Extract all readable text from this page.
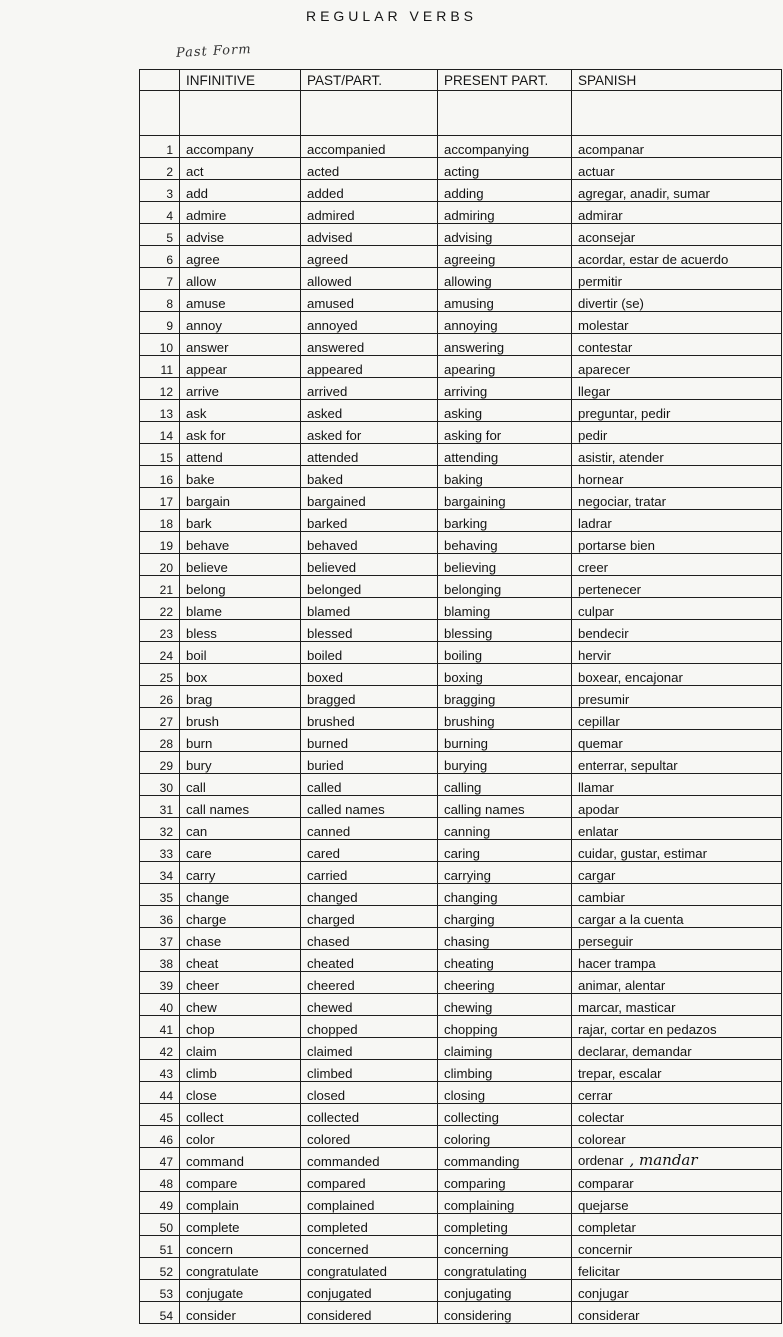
REGULAR VERBS
Past Form
	INFINITIVE	PAST/PART.	PRESENT PART.	SPANISH

1	accompany	accompanied	accompanying	acompanar
2	act	acted	acting	actuar
3	add	added	adding	agregar, anadir, sumar
4	admire	admired	admiring	admirar
5	advise	advised	advising	aconsejar
6	agree	agreed	agreeing	acordar, estar de acuerdo
7	allow	allowed	allowing	permitir
8	amuse	amused	amusing	divertir (se)
9	annoy	annoyed	annoying	molestar
10	answer	answered	answering	contestar
11	appear	appeared	apearing	aparecer
12	arrive	arrived	arriving	llegar
13	ask	asked	asking	preguntar, pedir
14	ask for	asked for	asking for	pedir
15	attend	attended	attending	asistir, atender
16	bake	baked	baking	hornear
17	bargain	bargained	bargaining	negociar, tratar
18	bark	barked	barking	ladrar
19	behave	behaved	behaving	portarse bien
20	believe	believed	believing	creer
21	belong	belonged	belonging	pertenecer
22	blame	blamed	blaming	culpar
23	bless	blessed	blessing	bendecir
24	boil	boiled	boiling	hervir
25	box	boxed	boxing	boxear, encajonar
26	brag	bragged	bragging	presumir
27	brush	brushed	brushing	cepillar
28	burn	burned	burning	quemar
29	bury	buried	burying	enterrar, sepultar
30	call	called	calling	llamar
31	call names	called names	calling names	apodar
32	can	canned	canning	enlatar
33	care	cared	caring	cuidar, gustar, estimar
34	carry	carried	carrying	cargar
35	change	changed	changing	cambiar
36	charge	charged	charging	cargar a la cuenta
37	chase	chased	chasing	perseguir
38	cheat	cheated	cheating	hacer trampa
39	cheer	cheered	cheering	animar, alentar
40	chew	chewed	chewing	marcar, masticar
41	chop	chopped	chopping	rajar, cortar en pedazos
42	claim	claimed	claiming	declarar, demandar
43	climb	climbed	climbing	trepar, escalar
44	close	closed	closing	cerrar
45	collect	collected	collecting	colectar
46	color	colored	coloring	colorear
47	command	commanded	commanding	ordenar , mandar
48	compare	compared	comparing	comparar
49	complain	complained	complaining	quejarse
50	complete	completed	completing	completar
51	concern	concerned	concerning	concernir
52	congratulate	congratulated	congratulating	felicitar
53	conjugate	conjugated	conjugating	conjugar
54	consider	considered	considering	considerar
